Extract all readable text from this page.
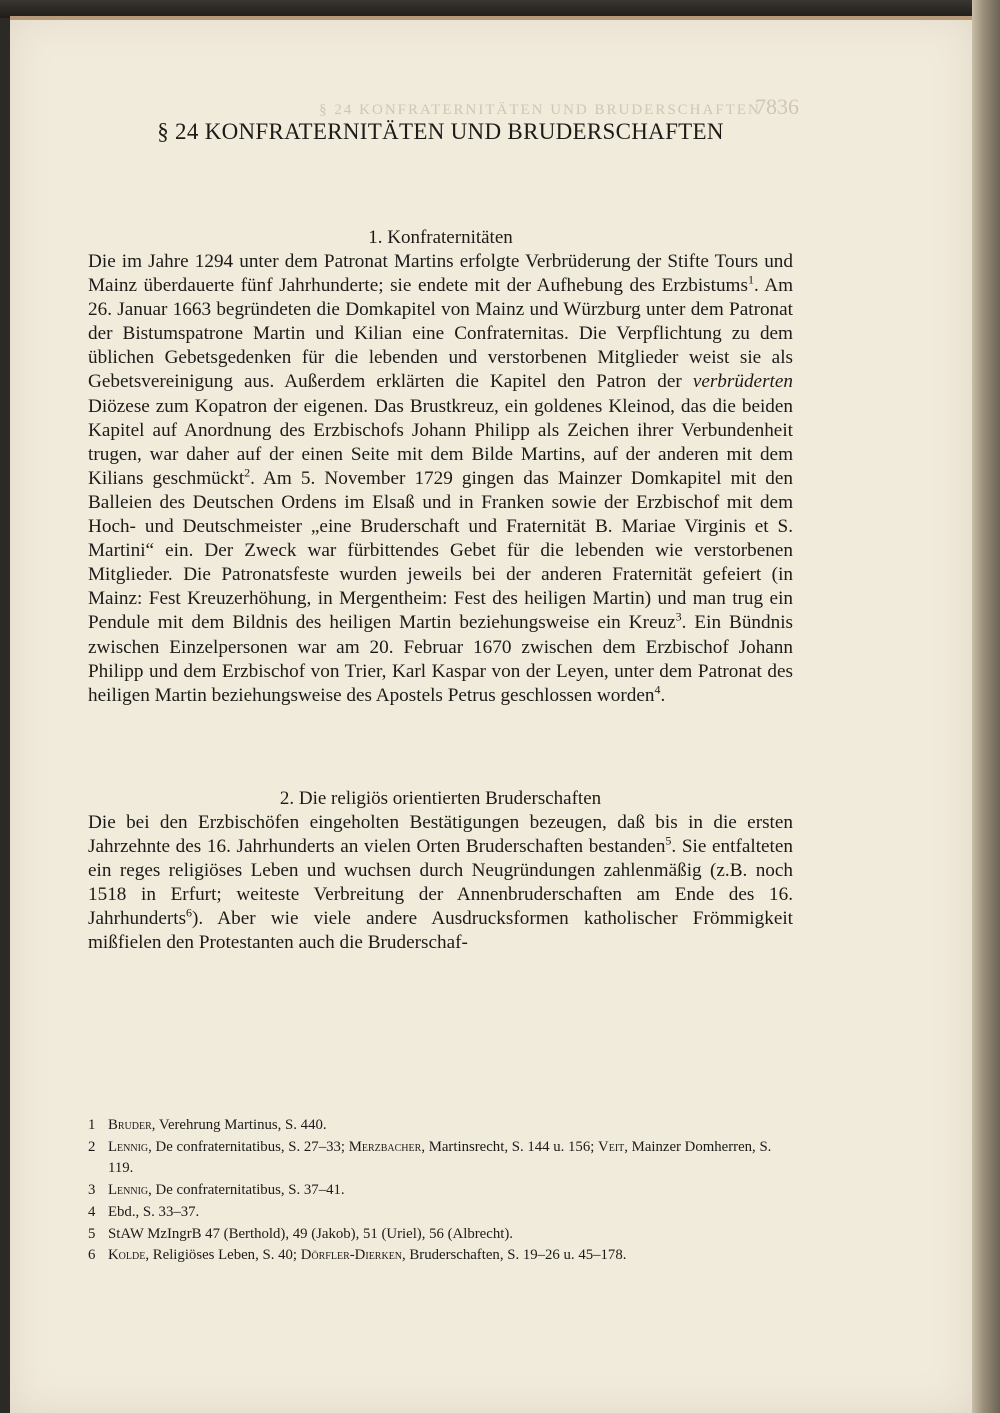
§ 24 KONFRATERNITÄTEN UND BRUDERSCHAFTEN
7836
§ 24 KONFRATERNITÄTEN UND BRUDERSCHAFTEN
1. Konfraternitäten

Die im Jahre 1294 unter dem Patronat Martins erfolgte Verbrüderung der Stifte Tours und Mainz überdauerte fünf Jahrhunderte; sie endete mit der Aufhebung des Erzbistums$^1$. Am 26. Januar 1663 begründeten die Domkapitel von Mainz und Würzburg unter dem Patronat der Bistumspatrone Martin und Kilian eine Confraternitas. Die Verpflichtung zu dem üblichen Gebetsgedenken für die lebenden und verstorbenen Mitglieder weist sie als Gebetsvereinigung aus. Außerdem erklärten die Kapitel den Patron der verbrüderten Diözese zum Kopatron der eigenen. Das Brustkreuz, ein goldenes Kleinod, das die beiden Kapitel auf Anordnung des Erzbischofs Johann Philipp als Zeichen ihrer Verbundenheit trugen, war daher auf der einen Seite mit dem Bilde Martins, auf der anderen mit dem Kilians geschmückt$^2$. Am 5. November 1729 gingen das Mainzer Domkapitel mit den Balleien des Deutschen Ordens im Elsaß und in Franken sowie der Erzbischof mit dem Hoch- und Deutschmeister „eine Bruderschaft und Fraternität B. Mariae Virginis et S. Martini“ ein. Der Zweck war fürbittendes Gebet für die lebenden wie verstorbenen Mitglieder. Die Patronatsfeste wurden jeweils bei der anderen Fraternität gefeiert (in Mainz: Fest Kreuzerhöhung, in Mergentheim: Fest des heiligen Martin) und man trug ein Pendule mit dem Bildnis des heiligen Martin beziehungsweise ein Kreuz$^3$. Ein Bündnis zwischen Einzelpersonen war am 20. Februar 1670 zwischen dem Erzbischof Johann Philipp und dem Erzbischof von Trier, Karl Kaspar von der Leyen, unter dem Patronat des heiligen Martin beziehungsweise des Apostels Petrus geschlossen worden$^4$.

2. Die religiös orientierten Bruderschaften

Die bei den Erzbischöfen eingeholten Bestätigungen bezeugen, daß bis in die ersten Jahrzehnte des 16. Jahrhunderts an vielen Orten Bruderschaften bestanden$^5$. Sie entfalteten ein reges religiöses Leben und wuchsen durch Neugründungen zahlenmäßig (z.B. noch 1518 in Erfurt; weiteste Verbreitung der Annenbruderschaften am Ende des 16. Jahrhunderts$^6$). Aber wie viele andere Ausdrucksformen katholischer Frömmigkeit mißfielen den Protestanten auch die Bruderschaf-

1 Bruder, Verehrung Martinus, S. 440.
2 Lennig, De confraternitatibus, S. 27–33; Merzbacher, Martinsrecht, S. 144 u. 156; Veit, Mainzer Domherren, S. 119.
3 Lennig, De confraternitatibus, S. 37–41.
4 Ebd., S. 33–37.
5 StAW MzIngrB 47 (Berthold), 49 (Jakob), 51 (Uriel), 56 (Albrecht).
6 Kolde, Religiöses Leben, S. 40; Dörfler-Dierken, Bruderschaften, S. 19–26 u. 45–178.
